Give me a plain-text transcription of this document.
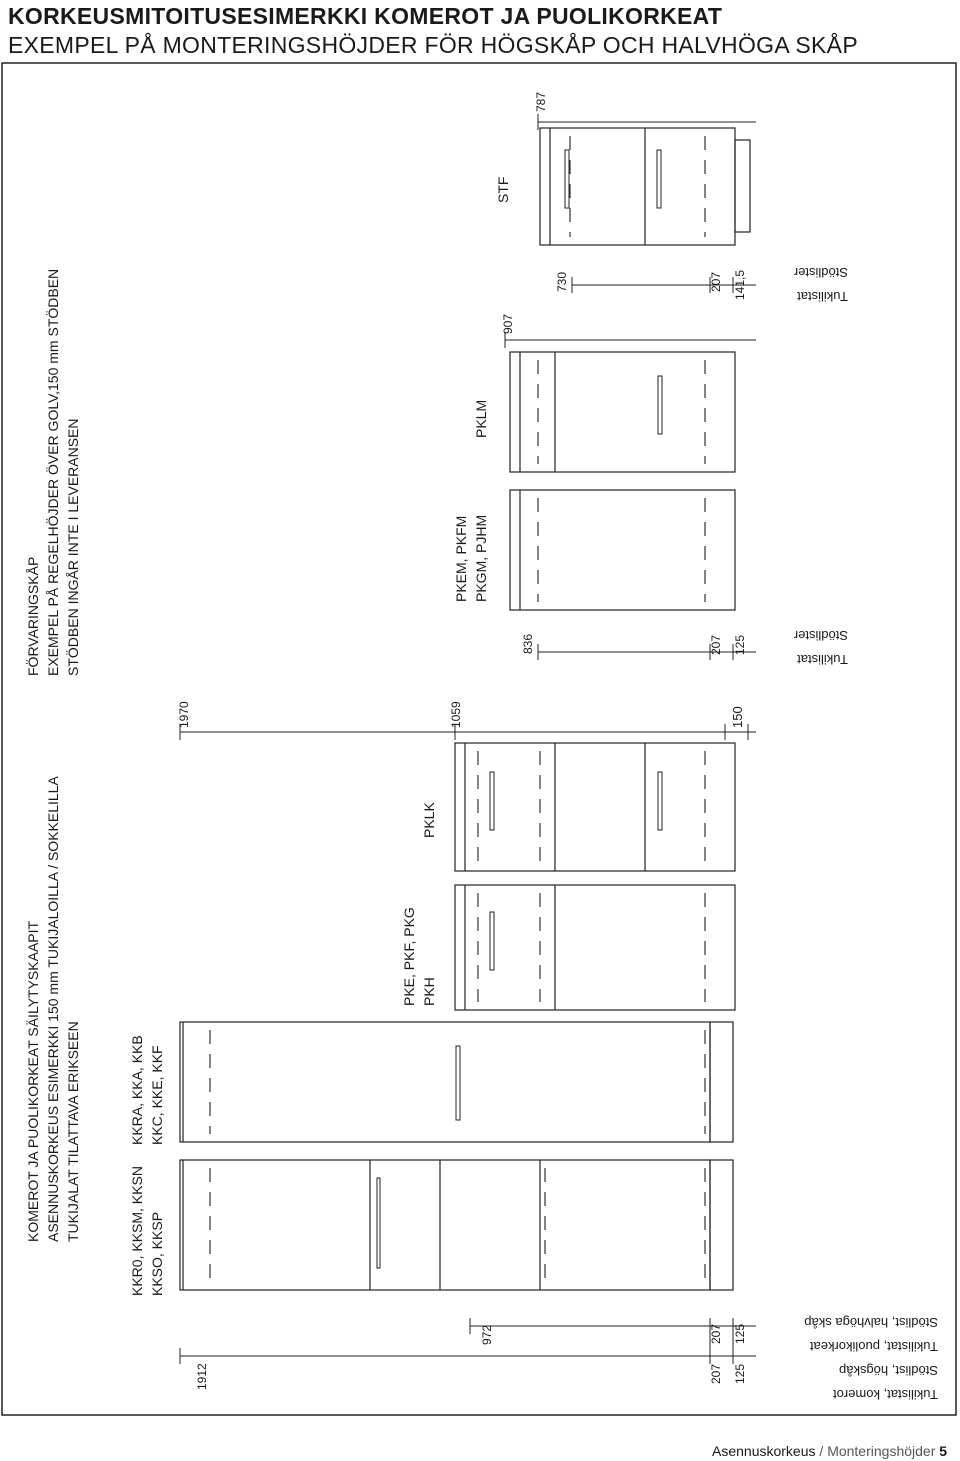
KORKEUSMITOITUSESIMERKKI KOMEROT JA PUOLIKORKEAT
EXEMPEL PÅ MONTERINGSHÖJDER FÖR HÖGSKÅP OCH HALVHÖGA SKÅP
KOMEROT JA PUOLIKORKEAT SÄILYTYSKAAPIT ASENNUSKORKEUS ESIMERKKI 150 mm TUKIJALOILLA / SOKKELILLA TUKIJALAT TILATTAVA ERIKSEEN
FÖRVARINGSKÅP EXEMPEL PÅ REGELHÖJDER ÖVER GOLV,150 mm STÖDBEN STÖDBEN INGÅR INTE I LEVERANSEN
KKR0, KKSM, KKSN KKSO, KKSP
KKRA, KKA, KKB KKC, KKE, KKF
PKE, PKF, PKG PKH
PKLK
PKEM, PKFM PKGM, PJHM
PKLM
STF
1912
1970
972
1059	150
836
907
730
787
207 125
207 125
207 125
207 141,5
Tukilistat, komerot
Stödlist, högskåp
Tukilistat, puolikorkeat
Stödlist, halvhöga skåp
Tukilistat
Stödlister
Tukilistat
Stödlister
Asennuskorkeus / Monteringshöjder 5
